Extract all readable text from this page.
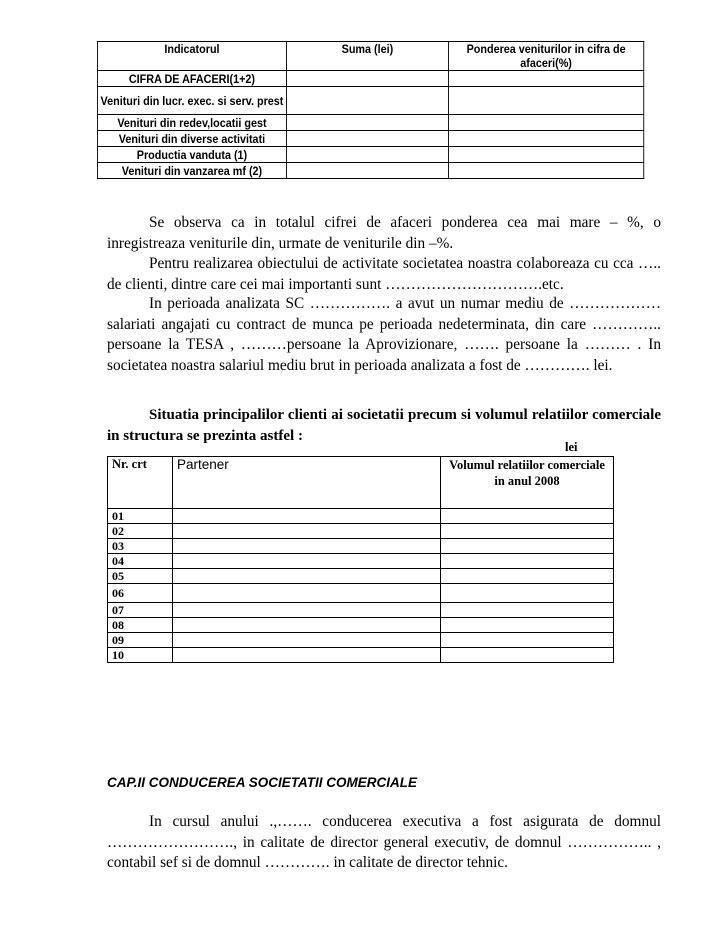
Indicatorul	Suma (lei)	Ponderea veniturilor in cifra de afaceri(%)
CIFRA DE AFACERI(1+2)		
Venituri din lucr. exec. si serv. prest		
Venituri din redev,locatii gest		
Venituri din diverse activitati		
Productia vanduta (1)		
Venituri din vanzarea mf (2)		
Se observa ca in totalul cifrei de afaceri ponderea cea mai mare – %, o inregistreaza veniturile din, urmate de veniturile din –%.
Pentru realizarea obiectului de activitate societatea noastra colaboreaza cu cca ….. de clienti, dintre care cei mai importanti sunt ………………………….etc.
In perioada analizata SC ……………. a avut un numar mediu de ……………… salariati angajati cu contract de munca pe perioada nedeterminata, din care ………….. persoane la TESA , ………persoane la Aprovizionare, ……. persoane la ……… . In societatea noastra salariul mediu brut in perioada analizata a fost de …………. lei.
Situatia principalilor clienti ai societatii precum si volumul relatiilor comerciale in structura se prezinta astfel :
lei
Nr. crt	Partener	Volumul relatiilor comerciale in anul 2008
01		
02		
03		
04		
05		
06		
07		
08		
09		
10		
CAP.II CONDUCEREA SOCIETATII COMERCIALE
In cursul anului .,……. conducerea executiva a fost asigurata de domnul ……………………., in calitate de director general executiv, de domnul …………….. , contabil sef si de domnul …………. in calitate de director tehnic.
